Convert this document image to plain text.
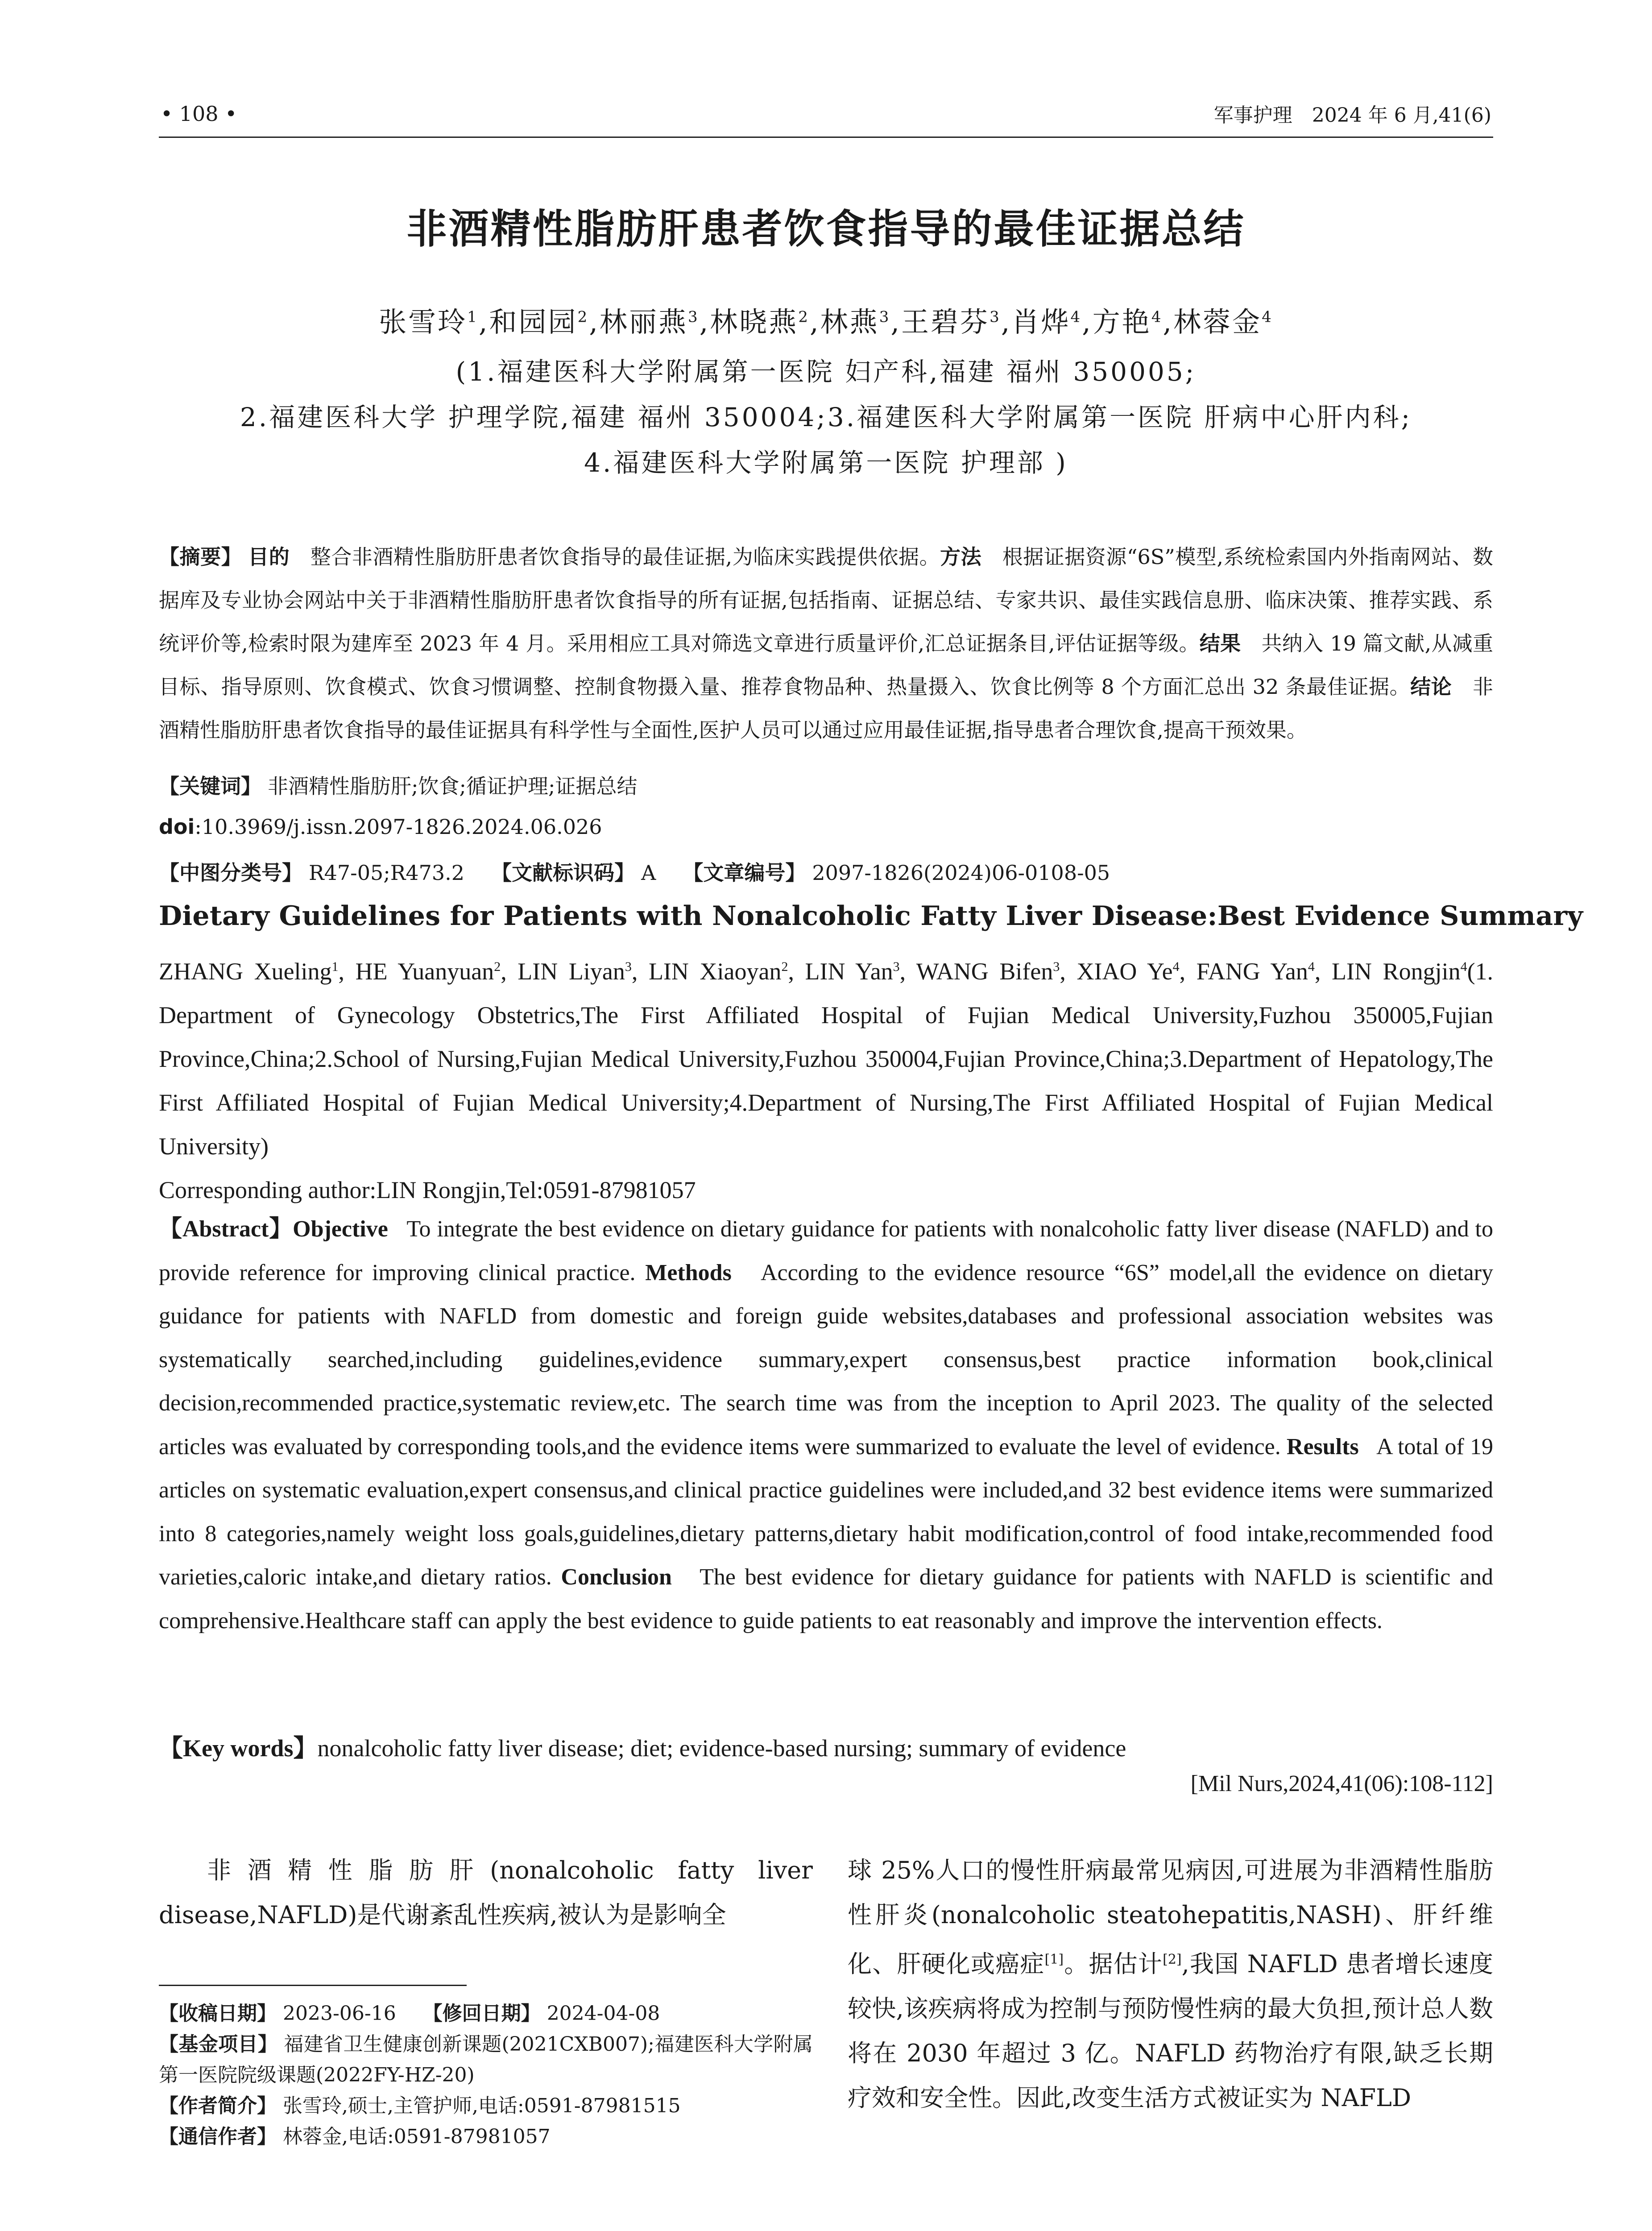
• 108 •	军事护理　2024 年 6 月,41(6)
非酒精性脂肪肝患者饮食指导的最佳证据总结
张雪玲$^1$,和园园$^2$,林丽燕$^3$,林晓燕$^2$,林燕$^3$,王碧芬$^3$,肖烨$^4$,方艳$^4$,林蓉金$^4$
(1.福建医科大学附属第一医院 妇产科,福建 福州 350005;
2.福建医科大学 护理学院,福建 福州 350004;3.福建医科大学附属第一医院 肝病中心肝内科;
4.福建医科大学附属第一医院 护理部 )
【摘要】 目的　 整合非酒精性脂肪肝患者饮食指导的最佳证据,为临床实践提供依据。方法　 根据证据资源“6S”模型,系统检索国内外指南网站、数据库及专业协会网站中关于非酒精性脂肪肝患者饮食指导的所有证据,包括指南、证据总结、专家共识、最佳实践信息册、临床决策、推荐实践、系统评价等,检索时限为建库至 2023 年 4 月。采用相应工具对筛选文章进行质量评价,汇总证据条目,评估证据等级。结果　 共纳入 19 篇文献,从减重目标、指导原则、饮食模式、饮食习惯调整、控制食物摄入量、推荐食物品种、热量摄入、饮食比例等 8 个方面汇总出 32 条最佳证据。结论　 非酒精性脂肪肝患者饮食指导的最佳证据具有科学性与全面性,医护人员可以通过应用最佳证据,指导患者合理饮食,提高干预效果。
【关键词】 非酒精性脂肪肝;饮食;循证护理;证据总结
doi:10.3969/j.issn.2097-1826.2024.06.026
【中图分类号】 R47-05;R473.2 【文献标识码】 A 【文章编号】 2097-1826(2024)06-0108-05
Dietary Guidelines for Patients with Nonalcoholic Fatty Liver Disease:Best Evidence Summary
ZHANG Xueling$^1$, HE Yuanyuan$^2$, LIN Liyan$^3$, LIN Xiaoyan$^2$, LIN Yan$^3$, WANG Bifen$^3$, XIAO Ye$^4$, FANG Yan$^4$, LIN Rongjin$^4$(1. Department of Gynecology Obstetrics,The First Affiliated Hospital of Fujian Medical University,Fuzhou 350005,Fujian Province,China;2.School of Nursing,Fujian Medical University,Fuzhou 350004,Fujian Province,China;3.Department of Hepatology,The First Affiliated Hospital of Fujian Medical University;4.Department of Nursing,The First Affiliated Hospital of Fujian Medical University)
Corresponding author:LIN Rongjin,Tel:0591-87981057
【Abstract】Objective To integrate the best evidence on dietary guidance for patients with nonalcoholic fatty liver disease (NAFLD) and to provide reference for improving clinical practice. Methods According to the evidence resource “6S” model,all the evidence on dietary guidance for patients with NAFLD from domestic and foreign guide websites,databases and professional association websites was systematically searched,including guidelines,evidence summary,expert consensus,best practice information book,clinical decision,recommended practice,systematic review,etc. The search time was from the inception to April 2023. The quality of the selected articles was evaluated by corresponding tools,and the evidence items were summarized to evaluate the level of evidence. Results A total of 19 articles on systematic evaluation,expert consensus,and clinical practice guidelines were included,and 32 best evidence items were summarized into 8 categories,namely weight loss goals,guidelines,dietary patterns,dietary habit modification,control of food intake,recommended food varieties,caloric intake,and dietary ratios. Conclusion The best evidence for dietary guidance for patients with NAFLD is scientific and comprehensive.Healthcare staff can apply the best evidence to guide patients to eat reasonably and improve the intervention effects.
【Key words】nonalcoholic fatty liver disease; diet; evidence-based nursing; summary of evidence
[Mil Nurs,2024,41(06):108-112]
非酒精性脂肪肝(nonalcoholic fatty liver disease,NAFLD)是代谢紊乱性疾病,被认为是影响全
球 25%人口的慢性肝病最常见病因,可进展为非酒精性脂肪性肝炎(nonalcoholic steatohepatitis,NASH)、肝纤维化、肝硬化或癌症[1]。据估计[2],我国 NAFLD 患者增长速度较快,该疾病将成为控制与预防慢性病的最大负担,预计总人数将在 2030 年超过 3 亿。NAFLD 药物治疗有限,缺乏长期疗效和安全性。因此,改变生活方式被证实为 NAFLD

【收稿日期】 2023-06-16 【修回日期】 2024-04-08

【基金项目】 福建省卫生健康创新课题(2021CXB007);福建医科大学附属第一医院院级课题(2022FY-HZ-20)

【作者简介】 张雪玲,硕士,主管护师,电话:0591-87981515

【通信作者】 林蓉金,电话:0591-87981057
